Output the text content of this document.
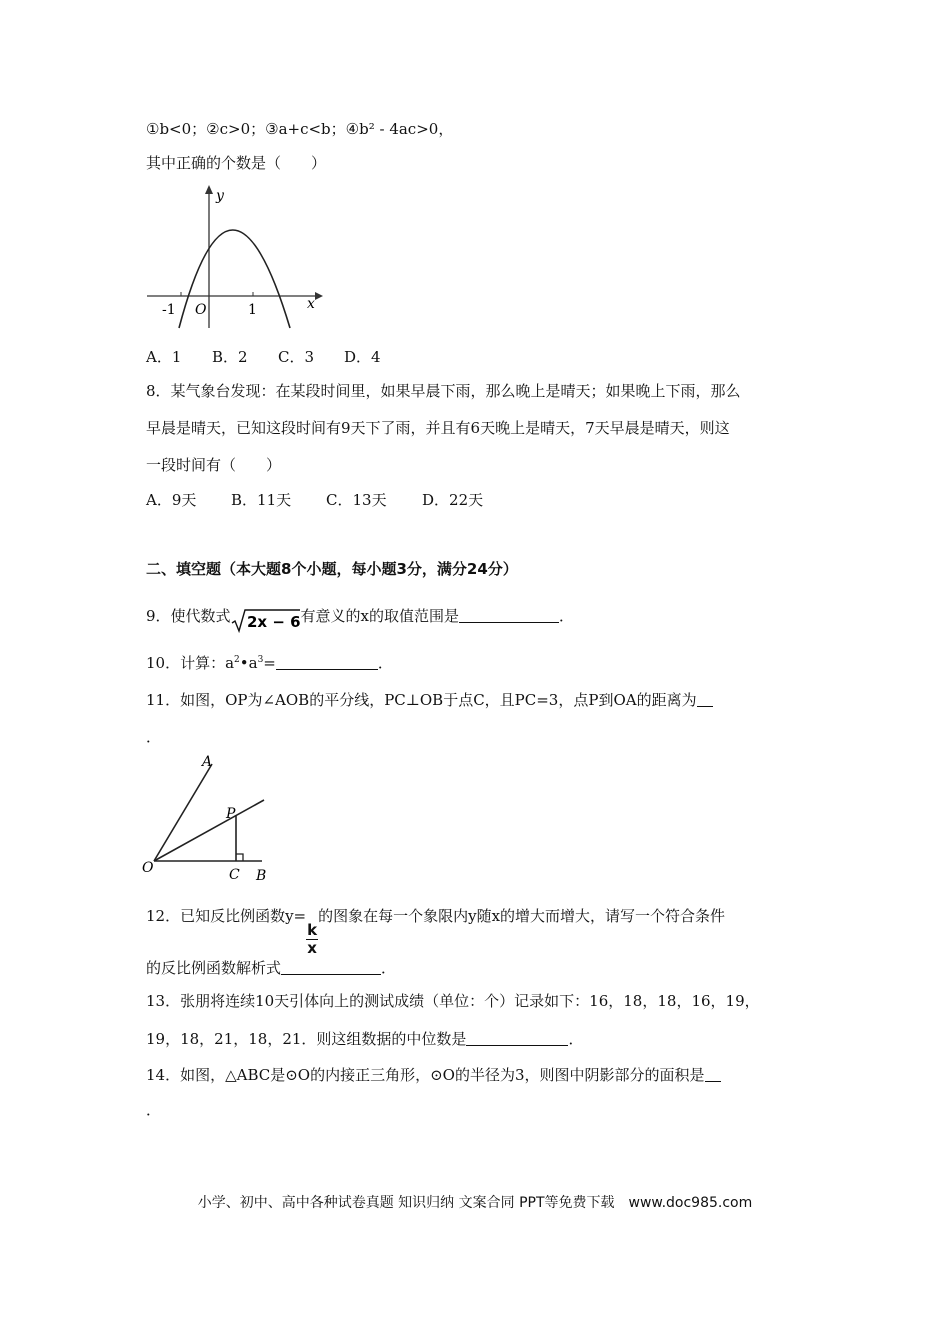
①b<0；②c>0；③a+c<b；④b² - 4ac>0，
其中正确的个数是（　　）
y
x
O
-1	1
A．1 B．2 C．3 D．4
8．某气象台发现：在某段时间里，如果早晨下雨，那么晚上是晴天；如果晚上下雨，那么
早晨是晴天，已知这段时间有9天下了雨，并且有6天晚上是晴天，7天早晨是晴天，则这
一段时间有（　　）
A．9天 B．11天 C．13天 D．22天
二、填空题（本大题8个小题，每小题3分，满分24分）
9．使代数式 2x − 6 有意义的x的取值范围是	．
10．计算：$a^2•a^3=$	．
11．如图，OP为∠AOB的平分线，PC⊥OB于点C，且PC=3，点P到OA的距离为
．
A
P
O	C B
12．已知反比例函数y=
$\frac{k}{x}$
的图象在每一个象限内y随x的增大而增大，请写一个符合条件
的反比例函数解析式	．
13．张朋将连续10天引体向上的测试成绩（单位：个）记录如下：16，18，18，16，19，
19，18，21，18，21．则这组数据的中位数是	．
14．如图，△ABC是⊙O的内接正三角形，⊙O的半径为3，则图中阴影部分的面积是
．
小学、初中、高中各种试卷真题 知识归纳 文案合同 PPT等免费下载　www.doc985.com
